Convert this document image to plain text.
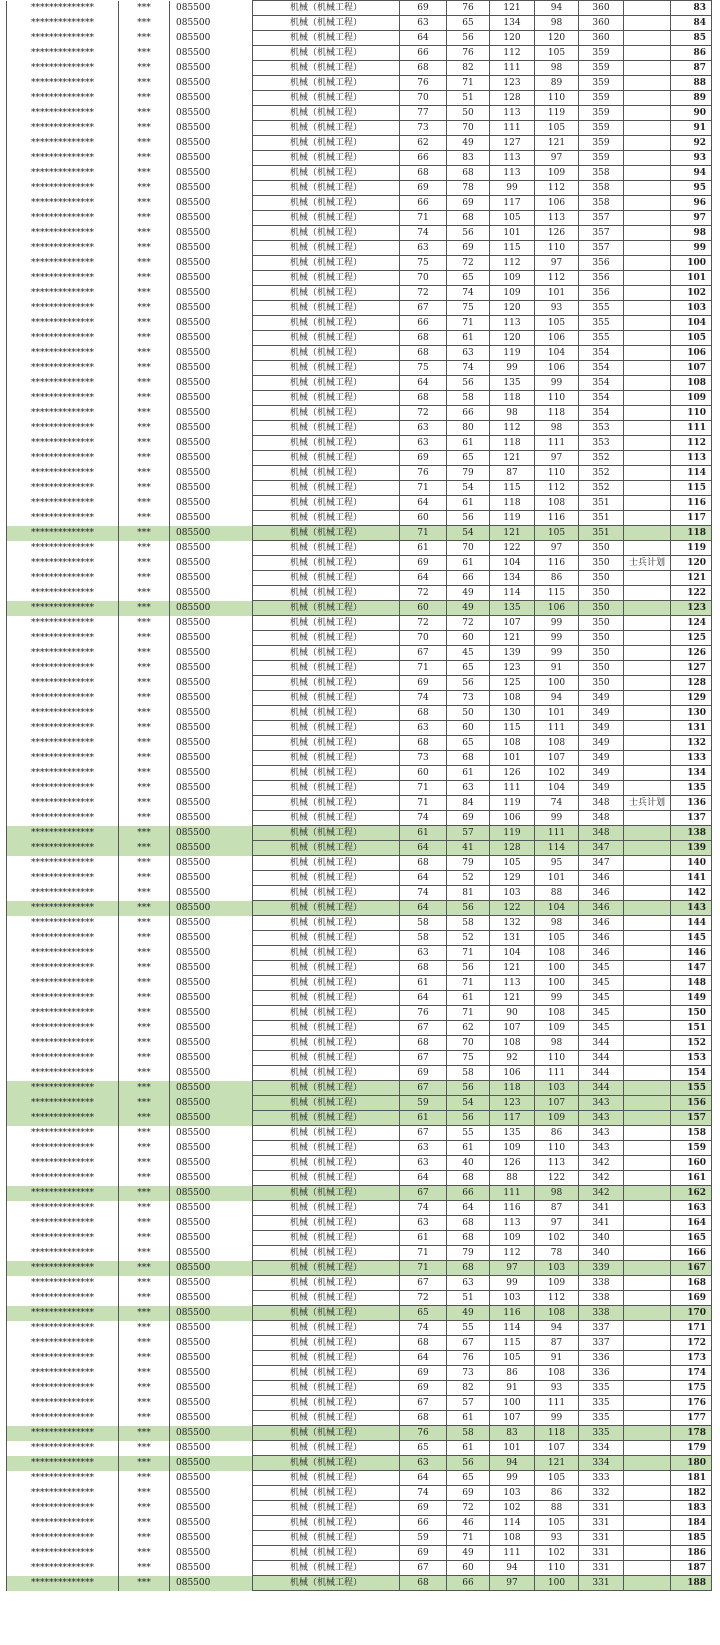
**************	***	085500	机械（机械工程）	69	76	121	94	360		83
**************	***	085500	机械（机械工程）	63	65	134	98	360		84
**************	***	085500	机械（机械工程）	64	56	120	120	360		85
**************	***	085500	机械（机械工程）	66	76	112	105	359		86
**************	***	085500	机械（机械工程）	68	82	111	98	359		87
**************	***	085500	机械（机械工程）	76	71	123	89	359		88
**************	***	085500	机械（机械工程）	70	51	128	110	359		89
**************	***	085500	机械（机械工程）	77	50	113	119	359		90
**************	***	085500	机械（机械工程）	73	70	111	105	359		91
**************	***	085500	机械（机械工程）	62	49	127	121	359		92
**************	***	085500	机械（机械工程）	66	83	113	97	359		93
**************	***	085500	机械（机械工程）	68	68	113	109	358		94
**************	***	085500	机械（机械工程）	69	78	99	112	358		95
**************	***	085500	机械（机械工程）	66	69	117	106	358		96
**************	***	085500	机械（机械工程）	71	68	105	113	357		97
**************	***	085500	机械（机械工程）	74	56	101	126	357		98
**************	***	085500	机械（机械工程）	63	69	115	110	357		99
**************	***	085500	机械（机械工程）	75	72	112	97	356		100
**************	***	085500	机械（机械工程）	70	65	109	112	356		101
**************	***	085500	机械（机械工程）	72	74	109	101	356		102
**************	***	085500	机械（机械工程）	67	75	120	93	355		103
**************	***	085500	机械（机械工程）	66	71	113	105	355		104
**************	***	085500	机械（机械工程）	68	61	120	106	355		105
**************	***	085500	机械（机械工程）	68	63	119	104	354		106
**************	***	085500	机械（机械工程）	75	74	99	106	354		107
**************	***	085500	机械（机械工程）	64	56	135	99	354		108
**************	***	085500	机械（机械工程）	68	58	118	110	354		109
**************	***	085500	机械（机械工程）	72	66	98	118	354		110
**************	***	085500	机械（机械工程）	63	80	112	98	353		111
**************	***	085500	机械（机械工程）	63	61	118	111	353		112
**************	***	085500	机械（机械工程）	69	65	121	97	352		113
**************	***	085500	机械（机械工程）	76	79	87	110	352		114
**************	***	085500	机械（机械工程）	71	54	115	112	352		115
**************	***	085500	机械（机械工程）	64	61	118	108	351		116
**************	***	085500	机械（机械工程）	60	56	119	116	351		117
**************	***	085500	机械（机械工程）	71	54	121	105	351		118
**************	***	085500	机械（机械工程）	61	70	122	97	350		119
**************	***	085500	机械（机械工程）	69	61	104	116	350	士兵计划	120
**************	***	085500	机械（机械工程）	64	66	134	86	350		121
**************	***	085500	机械（机械工程）	72	49	114	115	350		122
**************	***	085500	机械（机械工程）	60	49	135	106	350		123
**************	***	085500	机械（机械工程）	72	72	107	99	350		124
**************	***	085500	机械（机械工程）	70	60	121	99	350		125
**************	***	085500	机械（机械工程）	67	45	139	99	350		126
**************	***	085500	机械（机械工程）	71	65	123	91	350		127
**************	***	085500	机械（机械工程）	69	56	125	100	350		128
**************	***	085500	机械（机械工程）	74	73	108	94	349		129
**************	***	085500	机械（机械工程）	68	50	130	101	349		130
**************	***	085500	机械（机械工程）	63	60	115	111	349		131
**************	***	085500	机械（机械工程）	68	65	108	108	349		132
**************	***	085500	机械（机械工程）	73	68	101	107	349		133
**************	***	085500	机械（机械工程）	60	61	126	102	349		134
**************	***	085500	机械（机械工程）	71	63	111	104	349		135
**************	***	085500	机械（机械工程）	71	84	119	74	348	士兵计划	136
**************	***	085500	机械（机械工程）	74	69	106	99	348		137
**************	***	085500	机械（机械工程）	61	57	119	111	348		138
**************	***	085500	机械（机械工程）	64	41	128	114	347		139
**************	***	085500	机械（机械工程）	68	79	105	95	347		140
**************	***	085500	机械（机械工程）	64	52	129	101	346		141
**************	***	085500	机械（机械工程）	74	81	103	88	346		142
**************	***	085500	机械（机械工程）	64	56	122	104	346		143
**************	***	085500	机械（机械工程）	58	58	132	98	346		144
**************	***	085500	机械（机械工程）	58	52	131	105	346		145
**************	***	085500	机械（机械工程）	63	71	104	108	346		146
**************	***	085500	机械（机械工程）	68	56	121	100	345		147
**************	***	085500	机械（机械工程）	61	71	113	100	345		148
**************	***	085500	机械（机械工程）	64	61	121	99	345		149
**************	***	085500	机械（机械工程）	76	71	90	108	345		150
**************	***	085500	机械（机械工程）	67	62	107	109	345		151
**************	***	085500	机械（机械工程）	68	70	108	98	344		152
**************	***	085500	机械（机械工程）	67	75	92	110	344		153
**************	***	085500	机械（机械工程）	69	58	106	111	344		154
**************	***	085500	机械（机械工程）	67	56	118	103	344		155
**************	***	085500	机械（机械工程）	59	54	123	107	343		156
**************	***	085500	机械（机械工程）	61	56	117	109	343		157
**************	***	085500	机械（机械工程）	67	55	135	86	343		158
**************	***	085500	机械（机械工程）	63	61	109	110	343		159
**************	***	085500	机械（机械工程）	63	40	126	113	342		160
**************	***	085500	机械（机械工程）	64	68	88	122	342		161
**************	***	085500	机械（机械工程）	67	66	111	98	342		162
**************	***	085500	机械（机械工程）	74	64	116	87	341		163
**************	***	085500	机械（机械工程）	63	68	113	97	341		164
**************	***	085500	机械（机械工程）	61	68	109	102	340		165
**************	***	085500	机械（机械工程）	71	79	112	78	340		166
**************	***	085500	机械（机械工程）	71	68	97	103	339		167
**************	***	085500	机械（机械工程）	67	63	99	109	338		168
**************	***	085500	机械（机械工程）	72	51	103	112	338		169
**************	***	085500	机械（机械工程）	65	49	116	108	338		170
**************	***	085500	机械（机械工程）	74	55	114	94	337		171
**************	***	085500	机械（机械工程）	68	67	115	87	337		172
**************	***	085500	机械（机械工程）	64	76	105	91	336		173
**************	***	085500	机械（机械工程）	69	73	86	108	336		174
**************	***	085500	机械（机械工程）	69	82	91	93	335		175
**************	***	085500	机械（机械工程）	67	57	100	111	335		176
**************	***	085500	机械（机械工程）	68	61	107	99	335		177
**************	***	085500	机械（机械工程）	76	58	83	118	335		178
**************	***	085500	机械（机械工程）	65	61	101	107	334		179
**************	***	085500	机械（机械工程）	63	56	94	121	334		180
**************	***	085500	机械（机械工程）	64	65	99	105	333		181
**************	***	085500	机械（机械工程）	74	69	103	86	332		182
**************	***	085500	机械（机械工程）	69	72	102	88	331		183
**************	***	085500	机械（机械工程）	66	46	114	105	331		184
**************	***	085500	机械（机械工程）	59	71	108	93	331		185
**************	***	085500	机械（机械工程）	69	49	111	102	331		186
**************	***	085500	机械（机械工程）	67	60	94	110	331		187
**************	***	085500	机械（机械工程）	68	66	97	100	331		188
